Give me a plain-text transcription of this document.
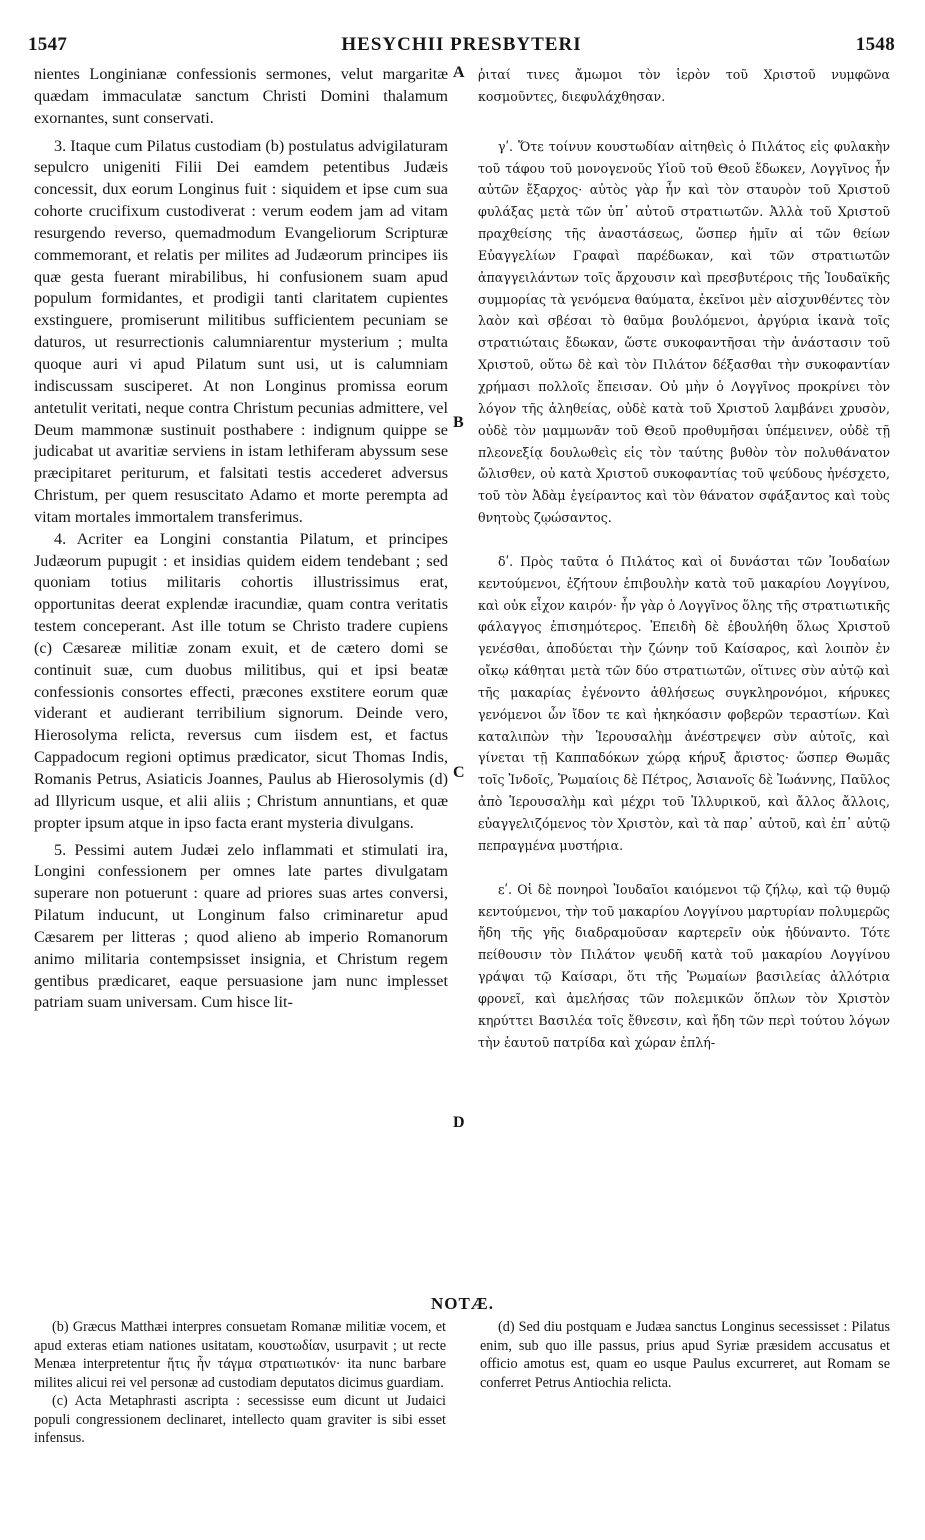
1547	HESYCHII PRESBYTERI	1548

nientes Longinianæ confessionis sermones, velut margaritæ quædam immaculatæ sanctum Christi Domini thalamum exornantes, sunt conservati.

3. Itaque cum Pilatus custodiam (b) postulatus advigilaturam sepulcro unigeniti Filii Dei eamdem petentibus Judæis concessit, dux eorum Longinus fuit : siquidem et ipse cum sua cohorte crucifixum custodiverat : verum eodem jam ad vitam resurgendo reverso, quemadmodum Evangeliorum Scripturæ commemorant, et relatis per milites ad Judæorum principes iis quæ gesta fuerant mirabilibus, hi confusionem suam apud populum formidantes, et prodigii tanti claritatem cupientes exstinguere, promiserunt militibus sufficientem pecuniam se daturos, ut resurrectionis calumniarentur mysterium ; multa quoque auri vi apud Pilatum sunt usi, ut is calumniam indiscussam susciperet. At non Longinus promissa eorum antetulit veritati, neque contra Christum pecunias admittere, vel Deum mammonæ sustinuit posthabere : indignum quippe se judicabat ut avaritiæ serviens in istam lethiferam abyssum sese præcipitaret periturum, et falsitati testis accederet adversus Christum, per quem resuscitato Adamo et morte perempta ad vitam mortales immortalem transferimus.

4. Acriter ea Longini constantia Pilatum, et principes Judæorum pupugit : et insidias quidem eidem tendebant ; sed quoniam totius militaris cohortis illustrissimus erat, opportunitas deerat explendæ iracundiæ, quam contra veritatis testem conceperant. Ast ille totum se Christo tradere cupiens (c) Cæsareæ militiæ zonam exuit, et de cætero domi se continuit suæ, cum duobus militibus, qui et ipsi beatæ confessionis consortes effecti, præcones exstitere eorum quæ viderant et audierant terribilium signorum. Deinde vero, Hierosolyma relicta, reversus cum iisdem est, et factus Cappadocum regioni optimus prædicator, sicut Thomas Indis, Romanis Petrus, Asiaticis Joannes, Paulus ab Hierosolymis (d) ad Illyricum usque, et alii aliis ; Christum annuntians, et quæ propter ipsum atque in ipso facta erant mysteria divulgans.

5. Pessimi autem Judæi zelo inflammati et stimulati ira, Longini confessionem per omnes late partes divulgatam superare non potuerunt : quare ad priores suas artes conversi, Pilatum inducunt, ut Longinum falso criminaretur apud Cæsarem per litteras ; quod alieno ab imperio Romanorum animo militaria contempsisset insignia, et Christum regem gentibus prædicaret, eaque persuasione jam nunc implesset patriam suam universam. Cum hisce lit-

A
B
C
D

ῥιταί τινες ἄμωμοι τὸν ἱερὸν τοῦ Χριστοῦ νυμφῶνα κοσμοῦντες, διεφυλάχθησαν.

γʹ. Ὅτε τοίνυν κουστωδίαν αἰτηθεὶς ὁ Πιλάτος εἰς φυλακὴν τοῦ τάφου τοῦ μονογενοῦς Υἱοῦ τοῦ Θεοῦ ἔδωκεν, Λογγῖνος ἦν αὐτῶν ἔξαρχος· αὐτὸς γὰρ ἦν καὶ τὸν σταυρὸν τοῦ Χριστοῦ φυλάξας μετὰ τῶν ὑπ᾽ αὐτοῦ στρατιωτῶν. Ἀλλὰ τοῦ Χριστοῦ πραχθείσης τῆς ἀναστάσεως, ὥσπερ ἡμῖν αἱ τῶν θείων Εὐαγγελίων Γραφαὶ παρέδωκαν, καὶ τῶν στρατιωτῶν ἀπαγγειλάντων τοῖς ἄρχουσιν καὶ πρεσβυτέροις τῆς Ἰουδαϊκῆς συμμορίας τὰ γενόμενα θαύματα, ἐκεῖνοι μὲν αἰσχυνθέντες τὸν λαὸν καὶ σβέσαι τὸ θαῦμα βουλόμενοι, ἀργύρια ἱκανὰ τοῖς στρατιώταις ἔδωκαν, ὥστε συκοφαντῆσαι τὴν ἀνάστασιν τοῦ Χριστοῦ, οὕτω δὲ καὶ τὸν Πιλάτον δέξασθαι τὴν συκοφαντίαν χρήμασι πολλοῖς ἔπεισαν. Οὐ μὴν ὁ Λογγῖνος προκρίνει τὸν λόγον τῆς ἀληθείας, οὐδὲ κατὰ τοῦ Χριστοῦ λαμβάνει χρυσὸν, οὐδὲ τὸν μαμμωνᾶν τοῦ Θεοῦ προθυμῆσαι ὑπέμεινεν, οὐδὲ τῇ πλεονεξίᾳ δουλωθεὶς εἰς τὸν ταύτης βυθὸν τὸν πολυθάνατον ὤλισθεν, οὐ κατὰ Χριστοῦ συκοφαντίας τοῦ ψεύδους ἠνέσχετο, τοῦ τὸν Ἀδὰμ ἐγείραντος καὶ τὸν θάνατον σφάξαντος καὶ τοὺς θνητοὺς ζῳώσαντος.

δʹ. Πρὸς ταῦτα ὁ Πιλάτος καὶ οἱ δυνάσται τῶν Ἰουδαίων κεντούμενοι, ἐζήτουν ἐπιβουλὴν κατὰ τοῦ μακαρίου Λογγίνου, καὶ οὐκ εἶχον καιρόν· ἦν γὰρ ὁ Λογγῖνος ὅλης τῆς στρατιωτικῆς φάλαγγος ἐπισημότερος. Ἐπειδὴ δὲ ἐβουλήθη ὅλως Χριστοῦ γενέσθαι, ἀποδύεται τὴν ζώνην τοῦ Καίσαρος, καὶ λοιπὸν ἐν οἴκῳ κάθηται μετὰ τῶν δύο στρατιωτῶν, οἵτινες σὺν αὐτῷ καὶ τῆς μακαρίας ἐγένοντο ἀθλήσεως συγκληρονόμοι, κήρυκες γενόμενοι ὧν ἴδον τε καὶ ἠκηκόασιν φοβερῶν τεραστίων. Καὶ καταλιπὼν τὴν Ἱερουσαλὴμ ἀνέστρεψεν σὺν αὐτοῖς, καὶ γίνεται τῇ Καππαδόκων χώρᾳ κήρυξ ἄριστος· ὥσπερ Θωμᾶς τοῖς Ἰνδοῖς, Ῥωμαίοις δὲ Πέτρος, Ἀσιανοῖς δὲ Ἰωάννης, Παῦλος ἀπὸ Ἱερουσαλὴμ καὶ μέχρι τοῦ Ἰλλυρικοῦ, καὶ ἄλλος ἄλλοις, εὐαγγελιζόμενος τὸν Χριστὸν, καὶ τὰ παρ᾽ αὐτοῦ, καὶ ἐπ᾽ αὐτῷ πεπραγμένα μυστήρια.

εʹ. Οἱ δὲ πονηροὶ Ἰουδαῖοι καιόμενοι τῷ ζήλῳ, καὶ τῷ θυμῷ κεντούμενοι, τὴν τοῦ μακαρίου Λογγίνου μαρτυρίαν πολυμερῶς ἤδη τῆς γῆς διαδραμοῦσαν καρτερεῖν οὐκ ἠδύναντο. Τότε πείθουσιν τὸν Πιλάτον ψευδῆ κατὰ τοῦ μακαρίου Λογγίνου γράψαι τῷ Καίσαρι, ὅτι τῆς Ῥωμαίων βασιλείας ἀλλότρια φρονεῖ, καὶ ἀμελήσας τῶν πολεμικῶν ὅπλων τὸν Χριστὸν κηρύττει Βασιλέα τοῖς ἔθνεσιν, καὶ ἤδη τῶν περὶ τούτου λόγων τὴν ἑαυτοῦ πατρίδα καὶ χώραν ἐπλή-

NOTÆ.

(b) Græcus Matthæi interpres consuetam Romanæ militiæ vocem, et apud exteras etiam nationes usitatam, κουστωδίαν, usurpavit ; ut recte Menæa interpretentur ἥτις ἦν τάγμα στρατιωτικόν· ita nunc barbare milites alicui rei vel personæ ad custodiam deputatos dicimus guardiam.

(c) Acta Metaphrasti ascripta : secessisse eum dicunt ut Judaici populi congressionem declinaret, intellecto quam graviter is sibi esset infensus.

(d) Sed diu postquam e Judæa sanctus Longinus secessisset : Pilatus enim, sub quo ille passus, prius apud Syriæ præsidem accusatus et officio amotus est, quam eo usque Paulus excurreret, aut Romam se conferret Petrus Antiochia relicta.
